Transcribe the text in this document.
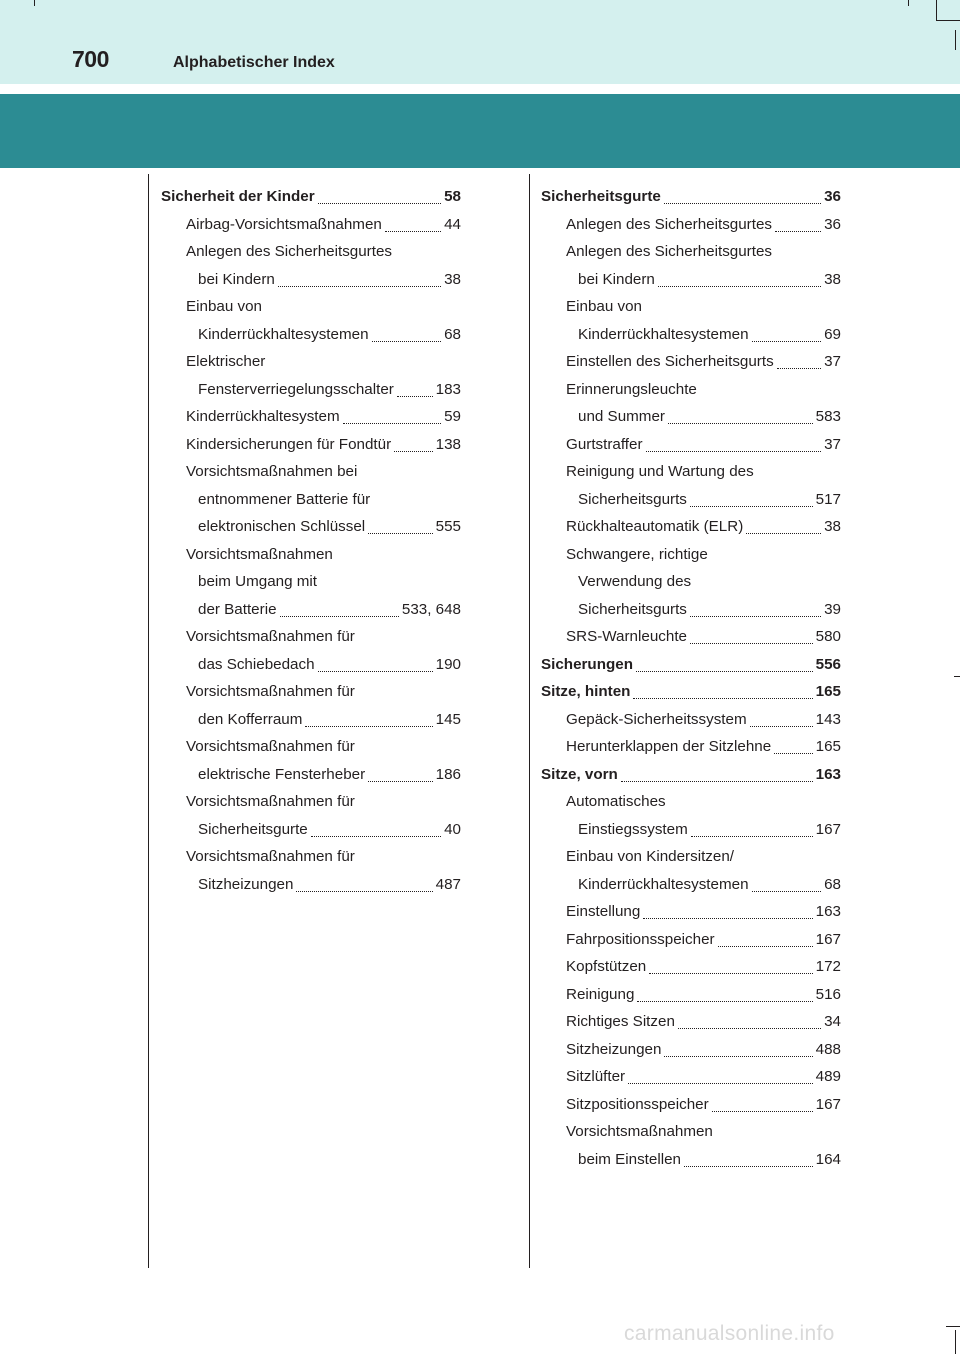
700	Alphabetischer Index
Sicherheit der Kinder	58
Airbag-Vorsichtsmaßnahmen	44
Anlegen des Sicherheitsgurtes
bei Kindern	38
Einbau von
Kinderrückhaltesystemen	68
Elektrischer
Fensterverriegelungsschalter	183
Kinderrückhaltesystem	59
Kindersicherungen für Fondtür	138
Vorsichtsmaßnahmen bei
entnommener Batterie für
elektronischen Schlüssel	555
Vorsichtsmaßnahmen
beim Umgang mit
der Batterie	533, 648
Vorsichtsmaßnahmen für
das Schiebedach	190
Vorsichtsmaßnahmen für
den Kofferraum	145
Vorsichtsmaßnahmen für
elektrische Fensterheber	186
Vorsichtsmaßnahmen für
Sicherheitsgurte	40
Vorsichtsmaßnahmen für
Sitzheizungen	487
Sicherheitsgurte	36
Anlegen des Sicherheitsgurtes	36
Anlegen des Sicherheitsgurtes
bei Kindern	38
Einbau von
Kinderrückhaltesystemen	69
Einstellen des Sicherheitsgurts	37
Erinnerungsleuchte
und Summer	583
Gurtstraffer	37
Reinigung und Wartung des
Sicherheitsgurts	517
Rückhalteautomatik (ELR)	38
Schwangere, richtige
Verwendung des
Sicherheitsgurts	39
SRS-Warnleuchte	580
Sicherungen	556
Sitze, hinten	165
Gepäck-Sicherheitssystem	143
Herunterklappen der Sitzlehne	165
Sitze, vorn	163
Automatisches
Einstiegssystem	167
Einbau von Kindersitzen/
Kinderrückhaltesystemen	68
Einstellung	163
Fahrpositionsspeicher	167
Kopfstützen	172
Reinigung	516
Richtiges Sitzen	34
Sitzheizungen	488
Sitzlüfter	489
Sitzpositionsspeicher	167
Vorsichtsmaßnahmen
beim Einstellen	164
carmanualsonline.info
